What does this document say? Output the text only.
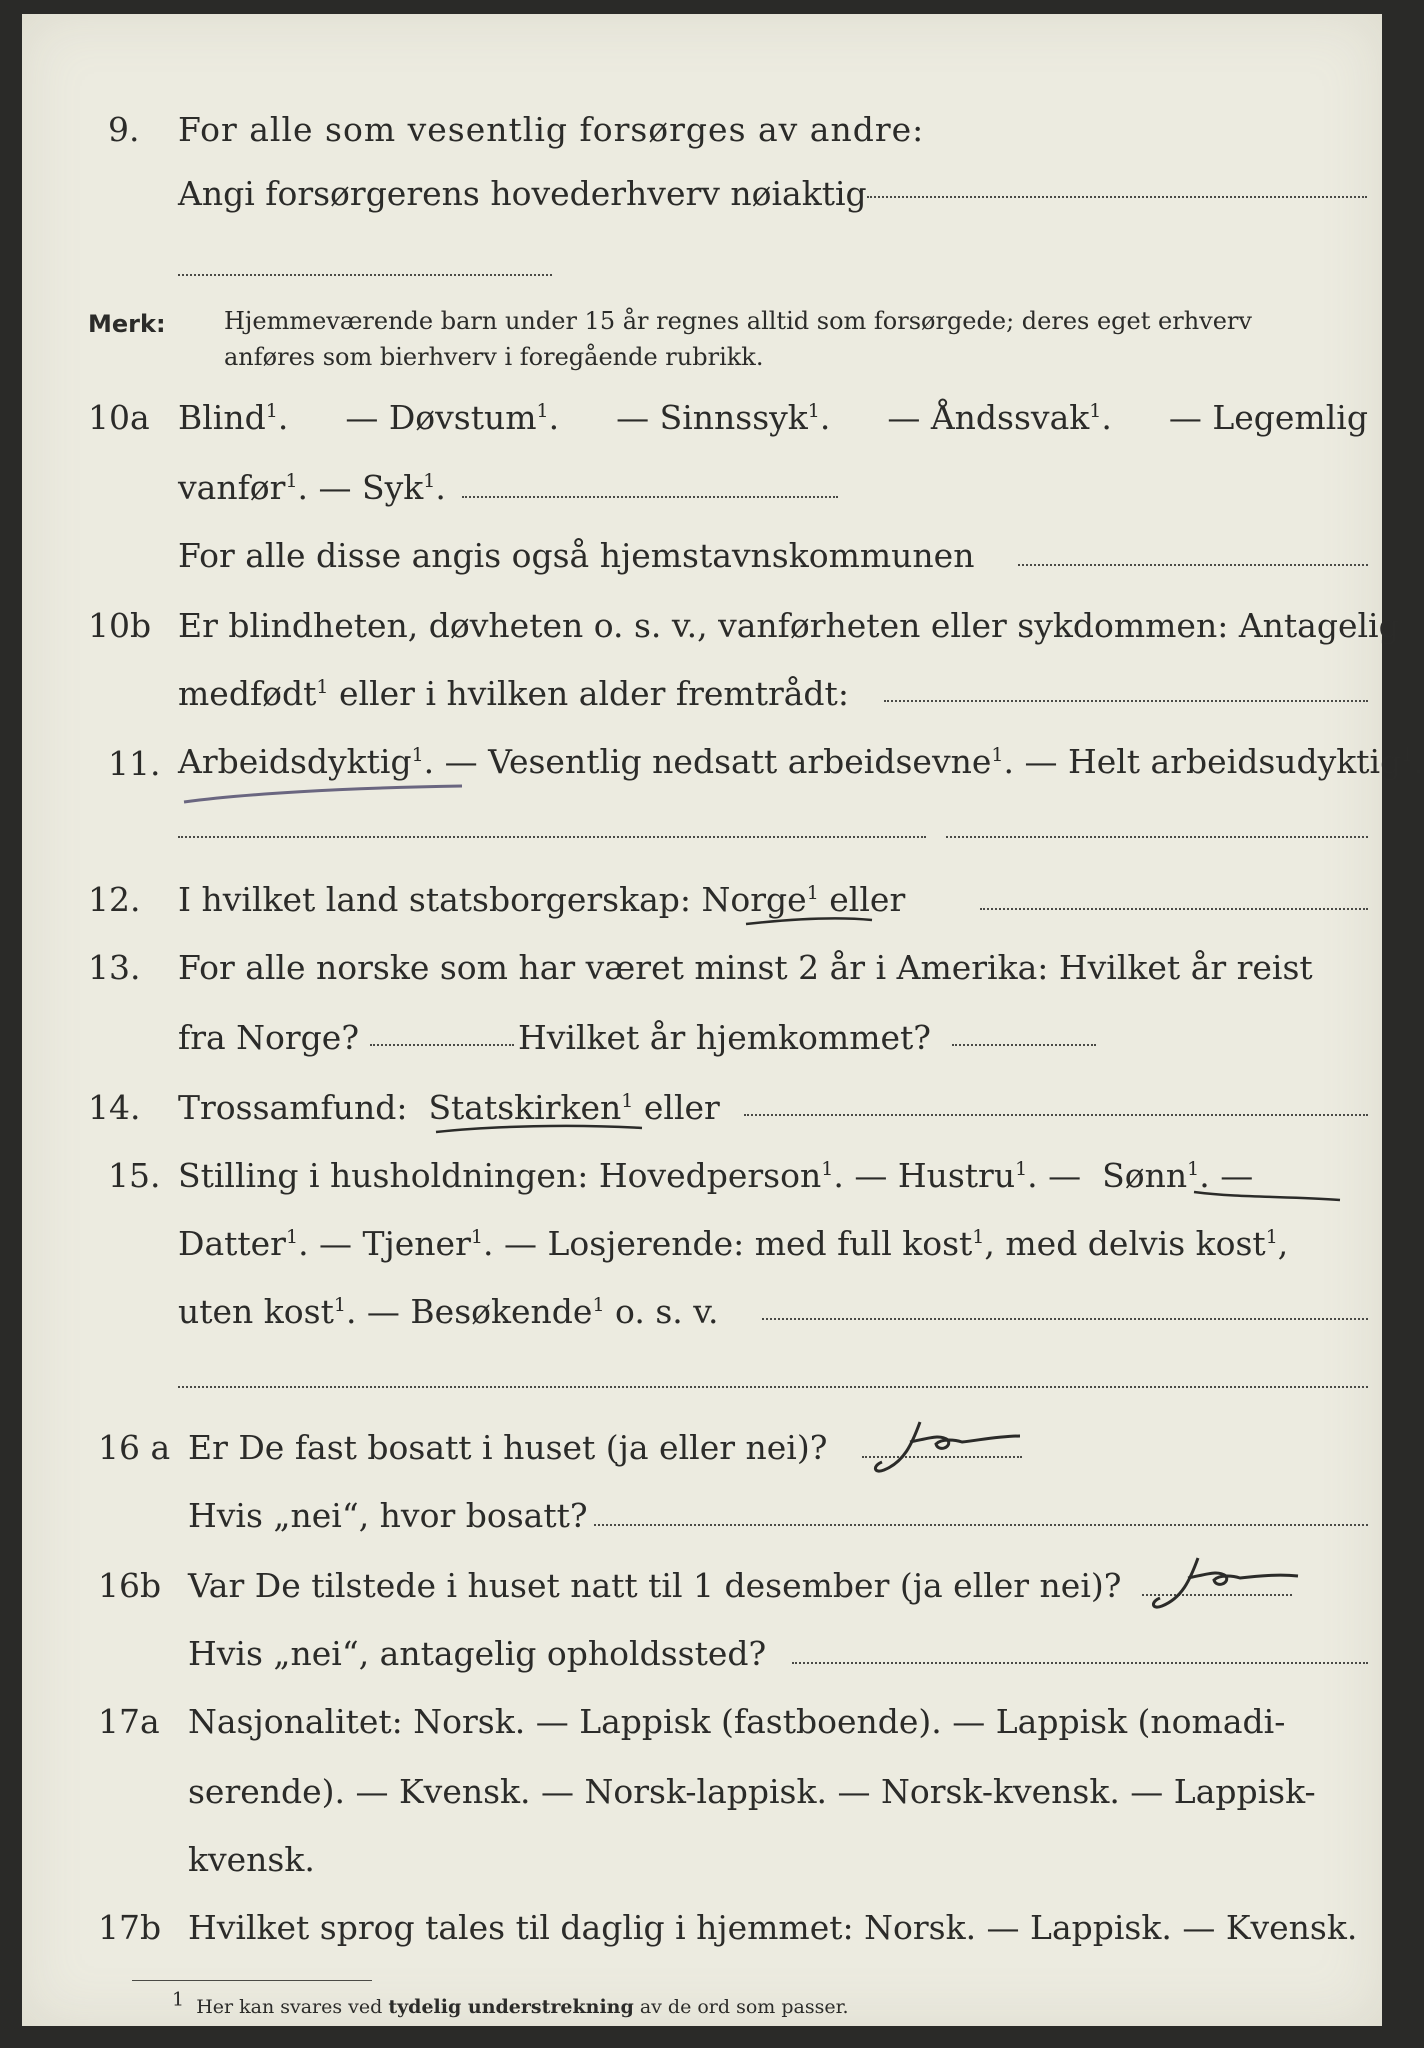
9. For alle som vesentlig forsørges av andre:
Angi forsørgerens hovederhverv nøiaktig
Merk: Hjemmeværende barn under 15 år regnes alltid som forsørgede; deres eget erhverv
anføres som bierhverv i foregående rubrikk.
10a Blind$^1$. — Døvstum$^1$. — Sinnssyk$^1$. — Åndssvak$^1$. — Legemlig
vanfør$^1$. — Syk$^1$.
For alle disse angis også hjemstavnskommunen
10b Er blindheten, døvheten o. s. v., vanførheten eller sykdommen: Antagelig
medfødt$^1$ eller i hvilken alder fremtrådt:
11. Arbeidsdyktig$^1$. — Vesentlig nedsatt arbeidsevne$^1$. — Helt arbeidsudyktig$^1$.
12. I hvilket land statsborgerskap: Norge$^1$ eller
13. For alle norske som har været minst 2 år i Amerika: Hvilket år reist
fra Norge?	Hvilket år hjemkommet?
14. Trossamfund: Statskirken$^1$ eller
15. Stilling i husholdningen: Hovedperson$^1$. — Hustru$^1$. — Sønn$^1$. —
Datter$^1$. — Tjener$^1$. — Losjerende: med full kost$^1$, med delvis kost$^1$,
uten kost$^1$. — Besøkende$^1$ o. s. v.
16 a Er De fast bosatt i huset (ja eller nei)?
Hvis „nei“, hvor bosatt?
16b Var De tilstede i huset natt til 1 desember (ja eller nei)?
Hvis „nei“, antagelig opholdssted?
17a Nasjonalitet: Norsk. — Lappisk (fastboende). — Lappisk (nomadi-
serende). — Kvensk. — Norsk-lappisk. — Norsk-kvensk. — Lappisk-
kvensk.
17b Hvilket sprog tales til daglig i hjemmet: Norsk. — Lappisk. — Kvensk.
1 Her kan svares ved tydelig understrekning av de ord som passer.
